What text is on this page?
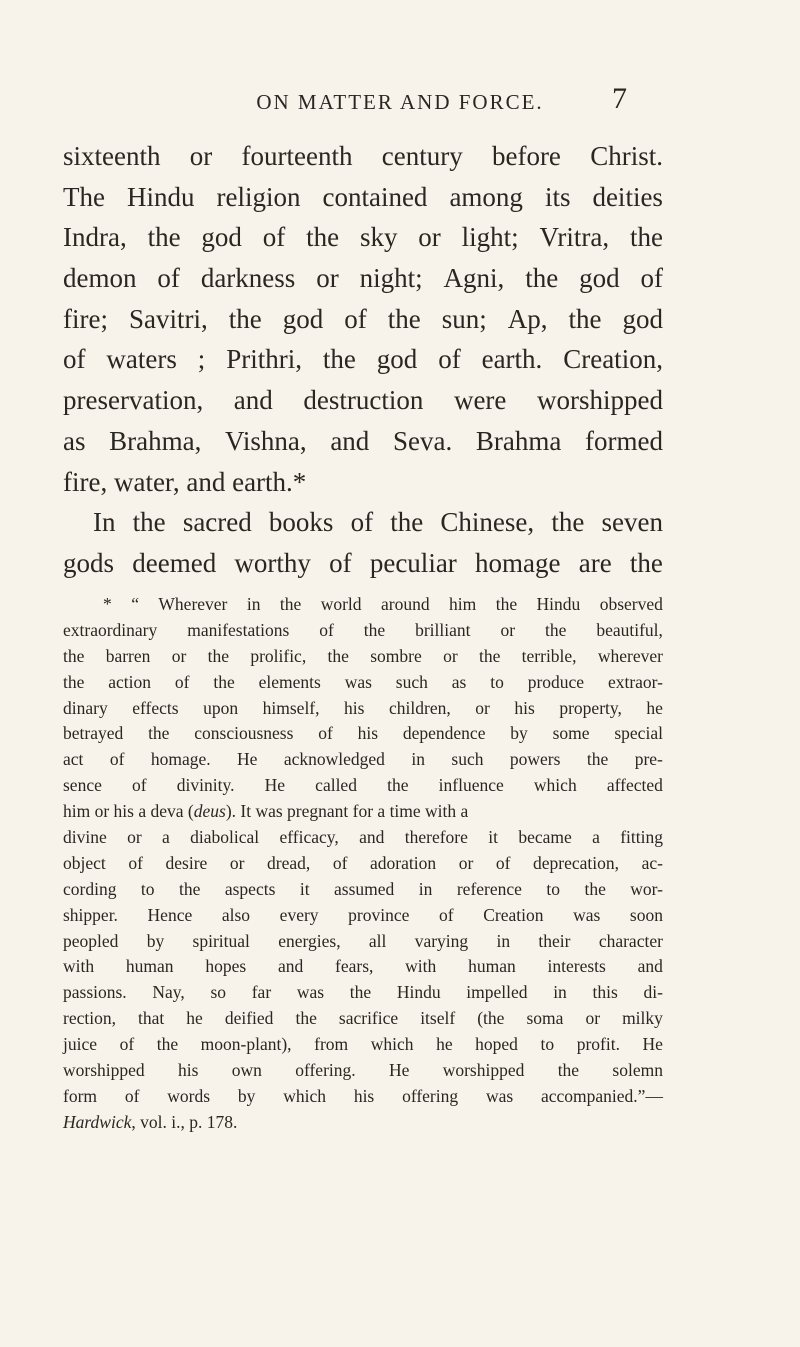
ON MATTER AND FORCE.	7
sixteenth or fourteenth century before Christ.
The Hindu religion contained among its deities
Indra, the god of the sky or light; Vritra, the
demon of darkness or night; Agni, the god of
fire; Savitri, the god of the sun; Ap, the god
of waters ; Prithri, the god of earth. Creation,
preservation, and destruction were worshipped
as Brahma, Vishna, and Seva. Brahma formed
fire, water, and earth.*
In the sacred books of the Chinese, the seven
gods deemed worthy of peculiar homage are the
* “ Wherever in the world around him the Hindu observed
extraordinary manifestations of the brilliant or the beautiful,
the barren or the prolific, the sombre or the terrible, wherever
the action of the elements was such as to produce extraor-
dinary effects upon himself, his children, or his property, he
betrayed the consciousness of his dependence by some special
act of homage. He acknowledged in such powers the pre-
sence of divinity. He called the influence which affected
him or his a deva (deus). It was pregnant for a time with a
divine or a diabolical efficacy, and therefore it became a fitting
object of desire or dread, of adoration or of deprecation, ac-
cording to the aspects it assumed in reference to the wor-
shipper. Hence also every province of Creation was soon
peopled by spiritual energies, all varying in their character
with human hopes and fears, with human interests and
passions. Nay, so far was the Hindu impelled in this di-
rection, that he deified the sacrifice itself (the soma or milky
juice of the moon-plant), from which he hoped to profit. He
worshipped his own offering. He worshipped the solemn
form of words by which his offering was accompanied.”—
Hardwick, vol. i., p. 178.
